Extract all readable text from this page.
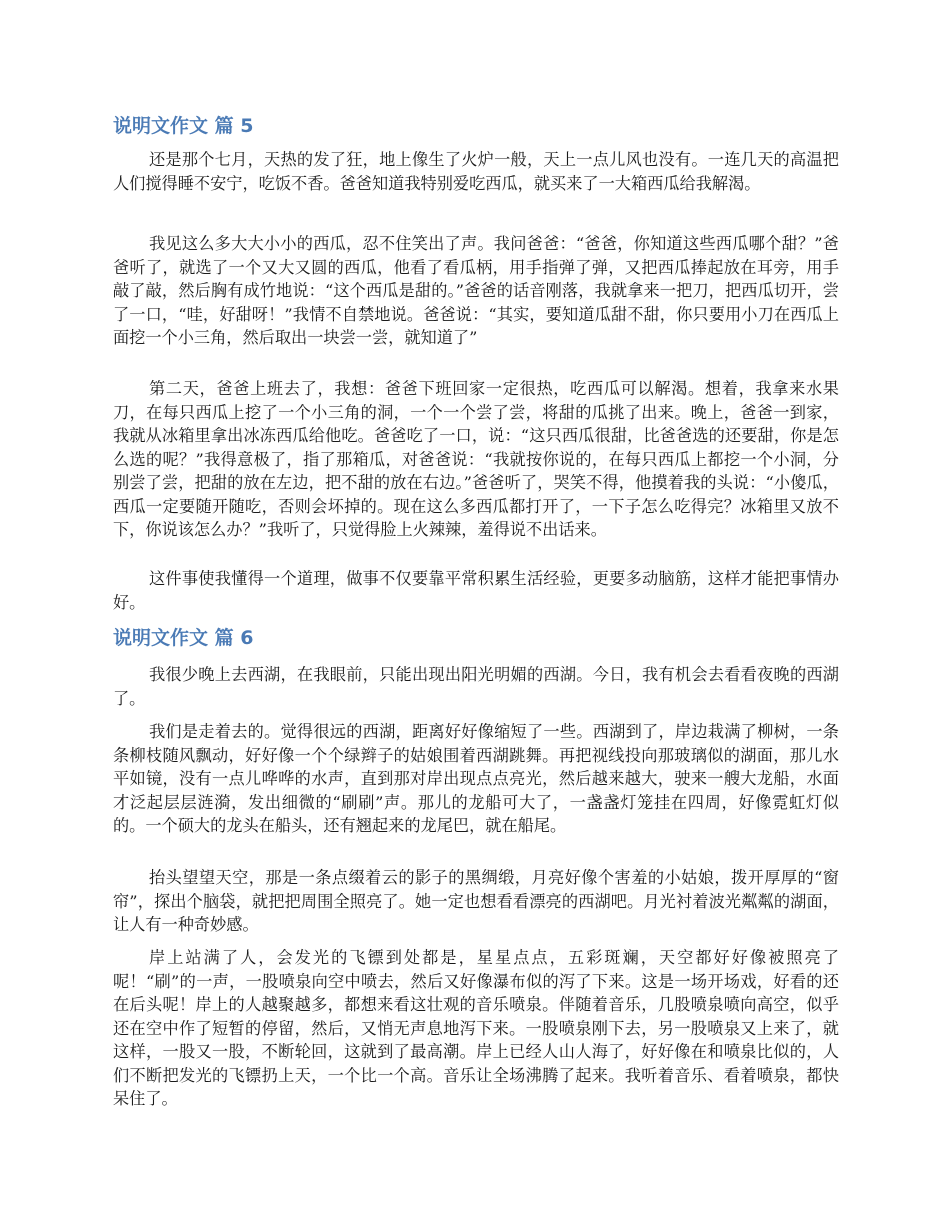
说明文作文 篇 5

还是那个七月，天热的发了狂，地上像生了火炉一般，天上一点儿风也没有。一连几天的高温把人们搅得睡不安宁，吃饭不香。爸爸知道我特别爱吃西瓜，就买来了一大箱西瓜给我解渴。

我见这么多大大小小的西瓜，忍不住笑出了声。我问爸爸：“爸爸，你知道这些西瓜哪个甜？”爸爸听了，就选了一个又大又圆的西瓜，他看了看瓜柄，用手指弹了弹，又把西瓜捧起放在耳旁，用手敲了敲，然后胸有成竹地说：“这个西瓜是甜的。”爸爸的话音刚落，我就拿来一把刀，把西瓜切开，尝了一口，“哇，好甜呀！”我情不自禁地说。爸爸说：“其实，要知道瓜甜不甜，你只要用小刀在西瓜上面挖一个小三角，然后取出一块尝一尝，就知道了”

第二天，爸爸上班去了，我想：爸爸下班回家一定很热，吃西瓜可以解渴。想着，我拿来水果刀，在每只西瓜上挖了一个小三角的洞，一个一个尝了尝，将甜的瓜挑了出来。晚上，爸爸一到家，我就从冰箱里拿出冰冻西瓜给他吃。爸爸吃了一口，说：“这只西瓜很甜，比爸爸选的还要甜，你是怎么选的呢？”我得意极了，指了那箱瓜，对爸爸说：“我就按你说的，在每只西瓜上都挖一个小洞，分别尝了尝，把甜的放在左边，把不甜的放在右边。”爸爸听了，哭笑不得，他摸着我的头说：“小傻瓜，西瓜一定要随开随吃，否则会坏掉的。现在这么多西瓜都打开了，一下子怎么吃得完？冰箱里又放不下，你说该怎么办？”我听了，只觉得脸上火辣辣，羞得说不出话来。

这件事使我懂得一个道理，做事不仅要靠平常积累生活经验，更要多动脑筋，这样才能把事情办好。

说明文作文 篇 6

我很少晚上去西湖，在我眼前，只能出现出阳光明媚的西湖。今日，我有机会去看看夜晚的西湖了。

我们是走着去的。觉得很远的西湖，距离好好像缩短了一些。西湖到了，岸边栽满了柳树，一条条柳枝随风飘动，好好像一个个绿辫子的姑娘围着西湖跳舞。再把视线投向那玻璃似的湖面，那儿水平如镜，没有一点儿哗哗的水声，直到那对岸出现点点亮光，然后越来越大，驶来一艘大龙船，水面才泛起层层涟漪，发出细微的“刷刷”声。那儿的龙船可大了，一盏盏灯笼挂在四周，好像霓虹灯似的。一个硕大的龙头在船头，还有翘起来的龙尾巴，就在船尾。

抬头望望天空，那是一条点缀着云的影子的黑绸缎，月亮好像个害羞的小姑娘，拨开厚厚的“窗帘”，探出个脑袋，就把把周围全照亮了。她一定也想看看漂亮的西湖吧。月光衬着波光粼粼的湖面，让人有一种奇妙感。

岸上站满了人，会发光的飞镖到处都是，星星点点，五彩斑斓，天空都好好像被照亮了呢！“刷”的一声，一股喷泉向空中喷去，然后又好像瀑布似的泻了下来。这是一场开场戏，好看的还在后头呢！岸上的人越聚越多，都想来看这壮观的音乐喷泉。伴随着音乐，几股喷泉喷向高空，似乎还在空中作了短暂的停留，然后，又悄无声息地泻下来。一股喷泉刚下去，另一股喷泉又上来了，就这样，一股又一股，不断轮回，这就到了最高潮。岸上已经人山人海了，好好像在和喷泉比似的，人们不断把发光的飞镖扔上天，一个比一个高。音乐让全场沸腾了起来。我听着音乐、看着喷泉，都快呆住了。
